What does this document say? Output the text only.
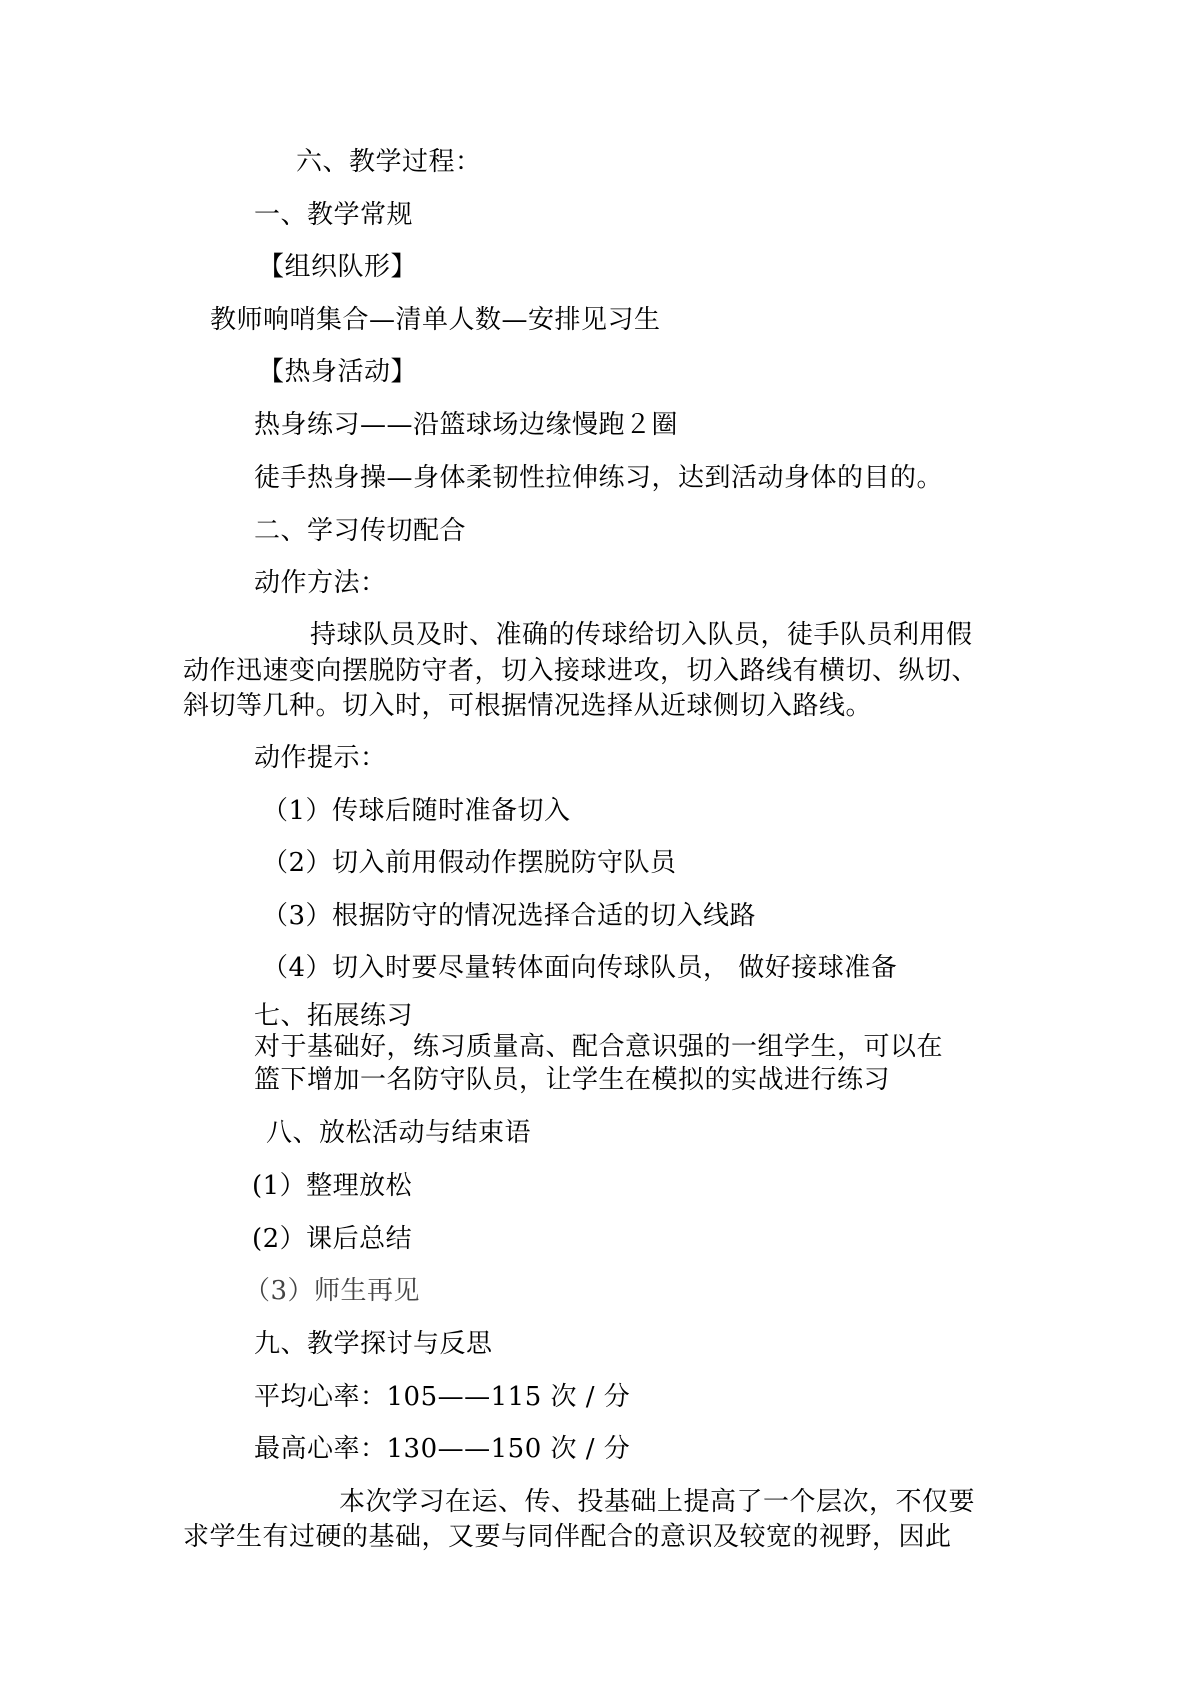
六、教学过程：
一、教学常规
【组织队形】
教师响哨集合—清单人数—安排见习生
【热身活动】
热身练习——沿篮球场边缘慢跑２圈
徒手热身操—身体柔韧性拉伸练习，达到活动身体的目的。
二、学习传切配合
动作方法：
持球队员及时、准确的传球给切入队员，徒手队员利用假
动作迅速变向摆脱防守者，切入接球进攻，切入路线有横切、纵切、
斜切等几种。切入时，可根据情况选择从近球侧切入路线。
动作提示：
（1）传球后随时准备切入
（2）切入前用假动作摆脱防守队员
（3）根据防守的情况选择合适的切入线路
（4）切入时要尽量转体面向传球队员， 做好接球准备
七、拓展练习
对于基础好，练习质量高、配合意识强的一组学生，可以在
篮下增加一名防守队员，让学生在模拟的实战进行练习
八、放松活动与结束语
(1）整理放松
(2）课后总结
（3）师生再见
九、教学探讨与反思
平均心率：105——115 次 / 分
最高心率：130——150 次 / 分
本次学习在运、传、投基础上提高了一个层次，不仅要
求学生有过硬的基础，又要与同伴配合的意识及较宽的视野，因此
